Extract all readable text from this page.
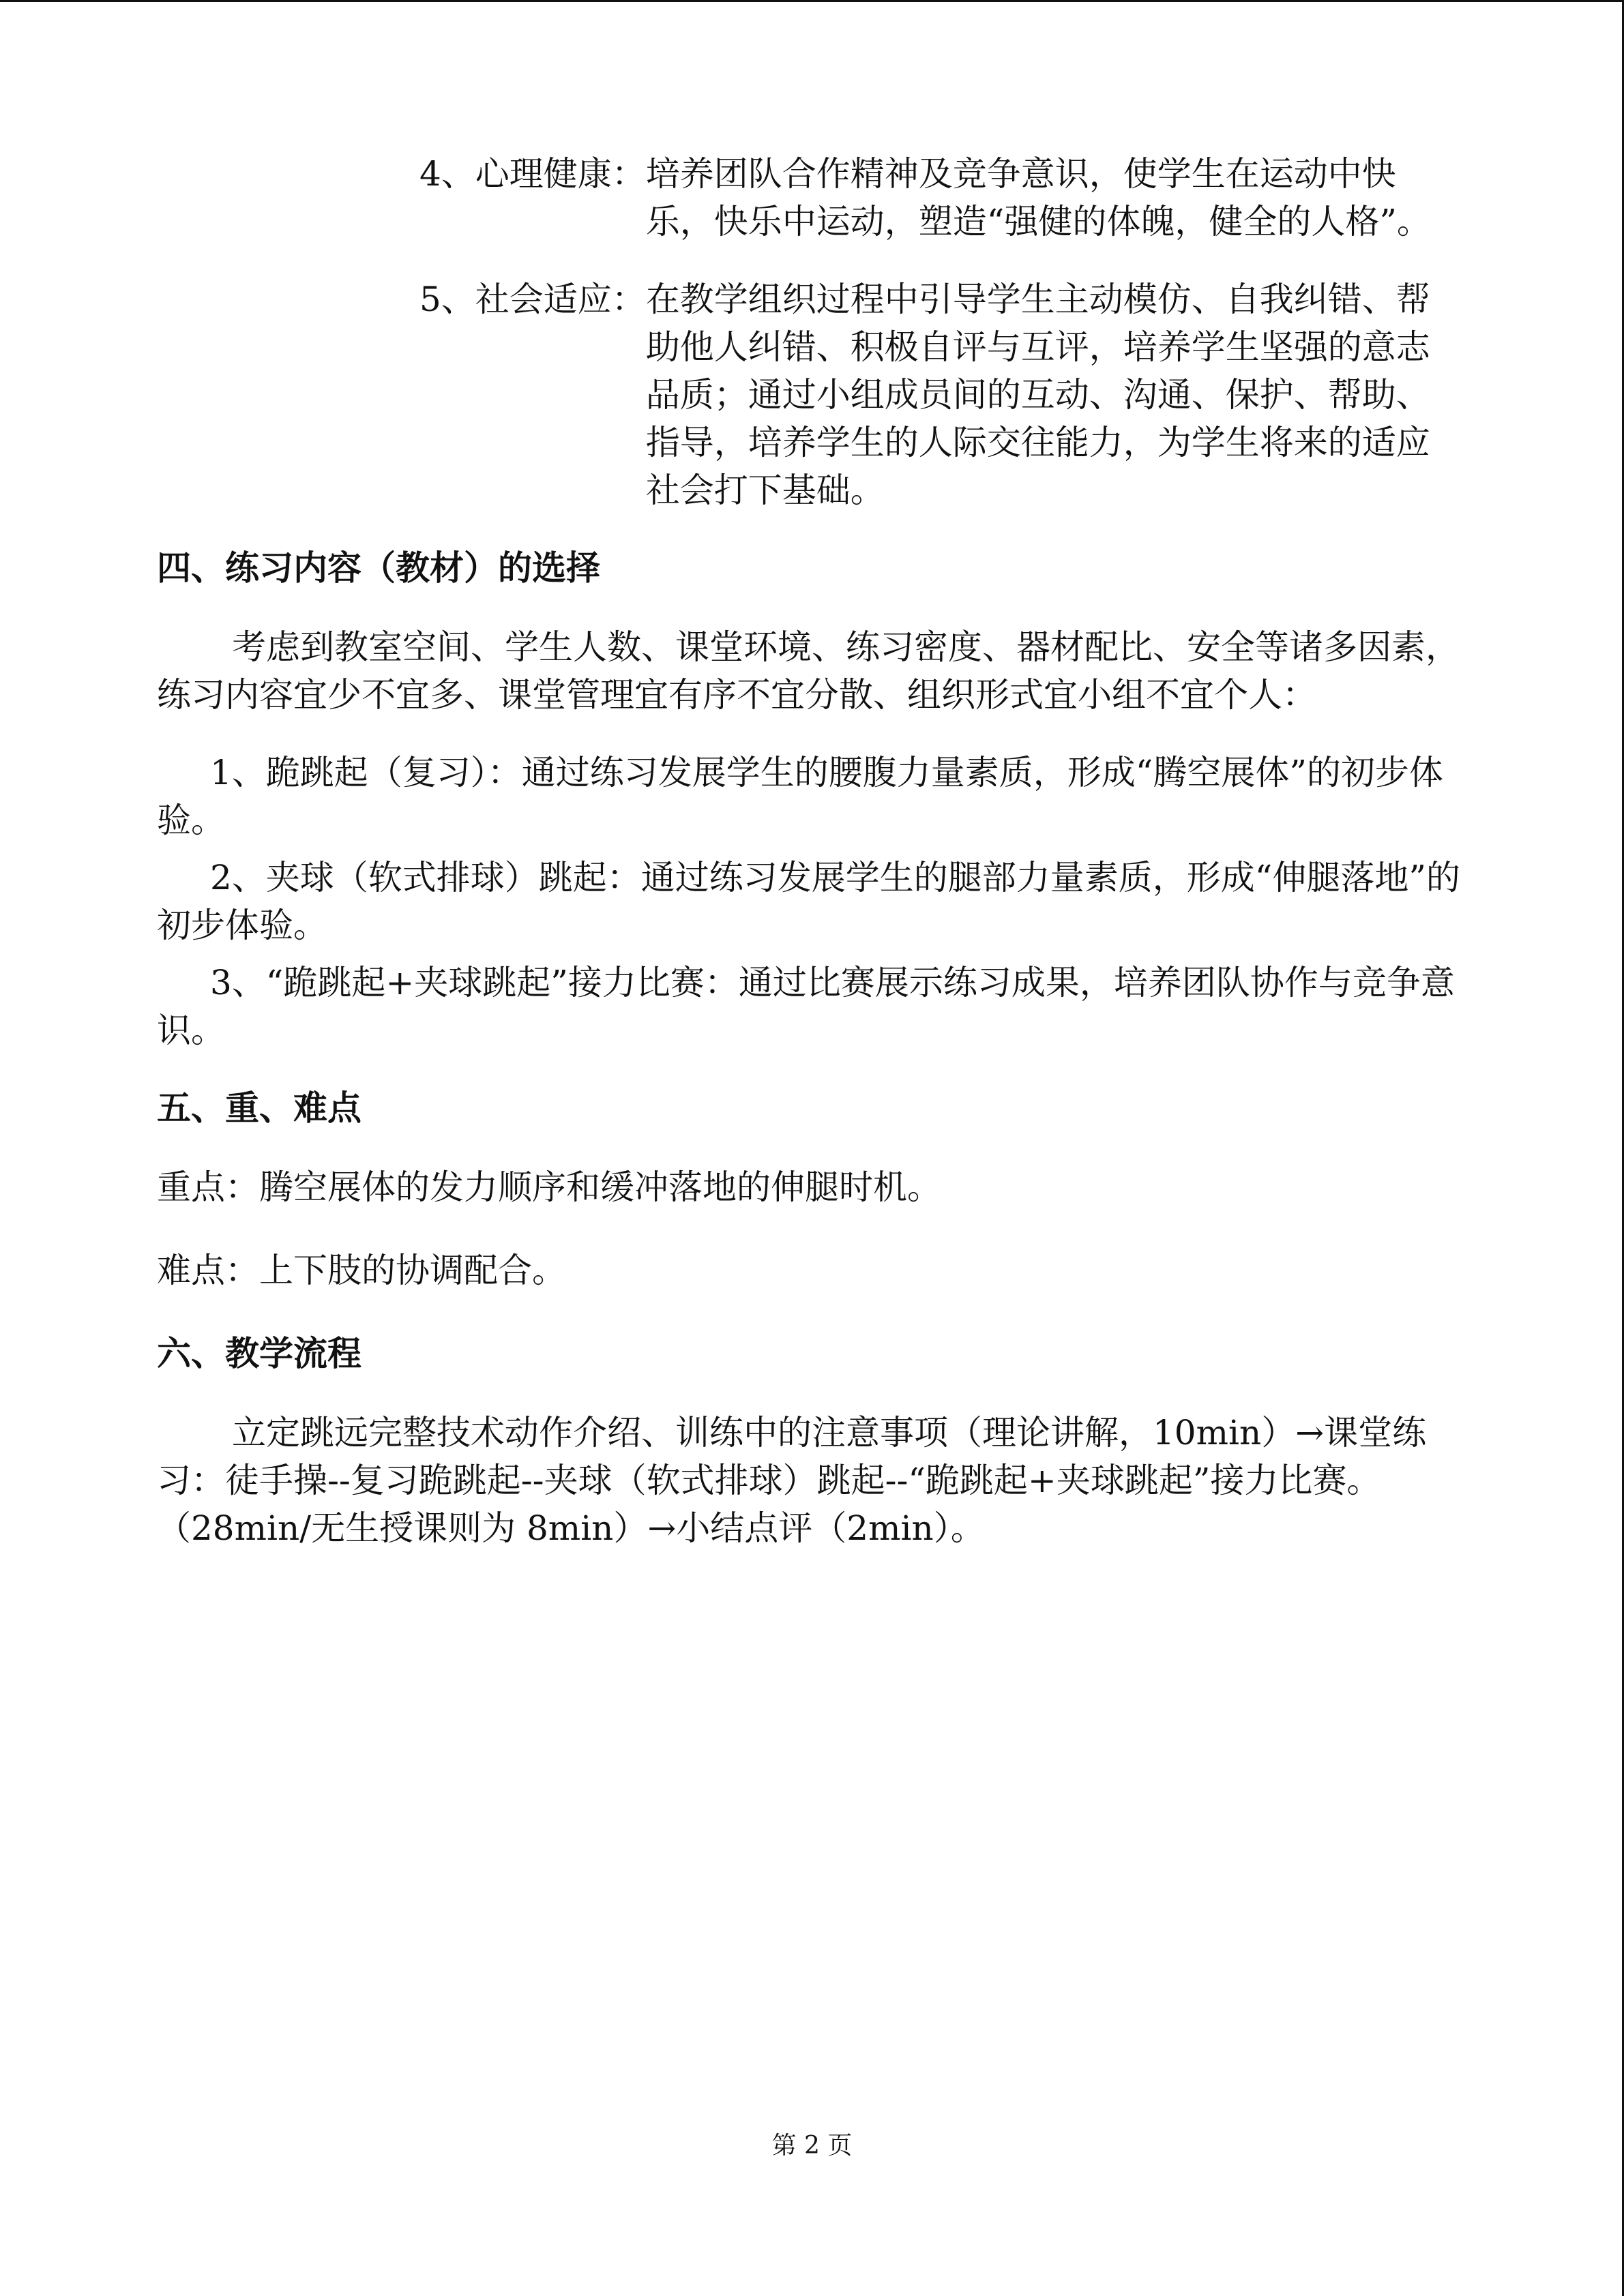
4、心理健康： 培养团队合作精神及竞争意识，使学生在运动中快乐，快乐中运动，塑造“强健的体魄，健全的人格”。
5、社会适应： 在教学组织过程中引导学生主动模仿、自我纠错、帮助他人纠错、积极自评与互评，培养学生坚强的意志品质；通过小组成员间的互动、沟通、保护、帮助、指导，培养学生的人际交往能力，为学生将来的适应社会打下基础。
四、练习内容（教材）的选择

考虑到教室空间、学生人数、课堂环境、练习密度、器材配比、安全等诸多因素，练习内容宜少不宜多、课堂管理宜有序不宜分散、组织形式宜小组不宜个人：

1、跪跳起（复习）：通过练习发展学生的腰腹力量素质，形成“腾空展体”的初步体验。

2、夹球（软式排球）跳起：通过练习发展学生的腿部力量素质，形成“伸腿落地”的初步体验。

3、“跪跳起+夹球跳起”接力比赛：通过比赛展示练习成果，培养团队协作与竞争意识。

五、重、难点

重点：腾空展体的发力顺序和缓冲落地的伸腿时机。

难点：上下肢的协调配合。

六、教学流程

立定跳远完整技术动作介绍、训练中的注意事项（理论讲解，10min）→课堂练习：徒手操--复习跪跳起--夹球（软式排球）跳起--“跪跳起+夹球跳起”接力比赛。（28min/无生授课则为 8min）→小结点评（2min）。

第 2 页
